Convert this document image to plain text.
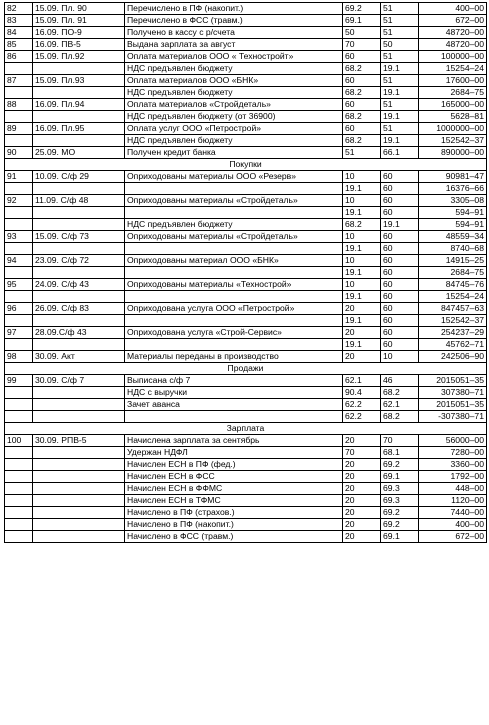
82	15.09. Пл. 90	Перечислено в ПФ (накопит.)	69.2	51	400–00
83	15.09. Пл. 91	Перечислено в ФСС (травм.)	69.1	51	672–00
84	16.09. ПО-9	Получено в кассу с р/счета	50	51	48720–00
85	16.09. ПВ-5	Выдана зарплата за август	70	50	48720–00
86	15.09. Пл.92	Оплата материалов ООО « Техностройт»	60	51	100000–00
		НДС предъявлен бюджету	68.2	19.1	15254–24
87	15.09. Пл.93	Оплата материалов ООО «БНК»	60	51	17600–00
		НДС предъявлен бюджету	68.2	19.1	2684–75
88	16.09. Пл.94	Оплата материалов «Стройдеталь»	60	51	165000–00
		НДС предъявлен бюджету (от 36900)	68.2	19.1	5628–81
89	16.09. Пл.95	Оплата услуг ООО «Петрострой»	60	51	1000000–00
		НДС предъявлен бюджету	68.2	19.1	152542–37
90	25.09. МО	Получен кредит банка	51	66.1	890000–00
Покупки					
91	10.09. С/ф 29	Оприходованы материалы ООО «Резерв»	10	60	90981–47
			19.1	60	16376–66
92	11.09. С/ф 48	Оприходованы материалы «Стройдеталь»	10	60	3305–08
			19.1	60	594–91
		НДС предъявлен бюджету	68.2	19.1	594–91
93	15.09. С/ф 73	Оприходованы материалы «Стройдеталь»	10	60	48559–34
			19.1	60	8740–68
94	23.09. С/ф 72	Оприходованы материал ООО «БНК»	10	60	14915–25
			19.1	60	2684–75
95	24.09. С/ф 43	Оприходованы материалы «Технострой»	10	60	84745–76
			19.1	60	15254–24
96	26.09. С/ф 83	Оприходована услуга ООО «Петрострой»	20	60	847457–63
			19.1	60	152542–37
97	28.09.С/ф 43	Оприходована услуга «Строй-Сервис»	20	60	254237–29
			19.1	60	45762–71
98	30.09. Акт	Материалы переданы в производство	20	10	242506–90
Продажи					
99	30.09. С/ф 7	Выписана с/ф 7	62.1	46	2015051–35
		НДС с выручки	90.4	68.2	307380–71
		Зачет аванса	62.2	62.1	2015051–35
			62.2	68.2	-307380–71
Зарплата					
100	30.09. РПВ-5	Начислена зарплата за сентябрь	20	70	56000–00
		Удержан НДФЛ	70	68.1	7280–00
		Начислен ЕСН в ПФ (фед.)	20	69.2	3360–00
		Начислен ЕСН в ФСС	20	69.1	1792–00
		Начислен ЕСН в ФФМС	20	69.3	448–00
		Начислен ЕСН в ТФМС	20	69.3	1120–00
		Начислено в ПФ (страхов.)	20	69.2	7440–00
		Начислено в ПФ (накопит.)	20	69.2	400–00
		Начислено в ФСС (травм.)	20	69.1	672–00
